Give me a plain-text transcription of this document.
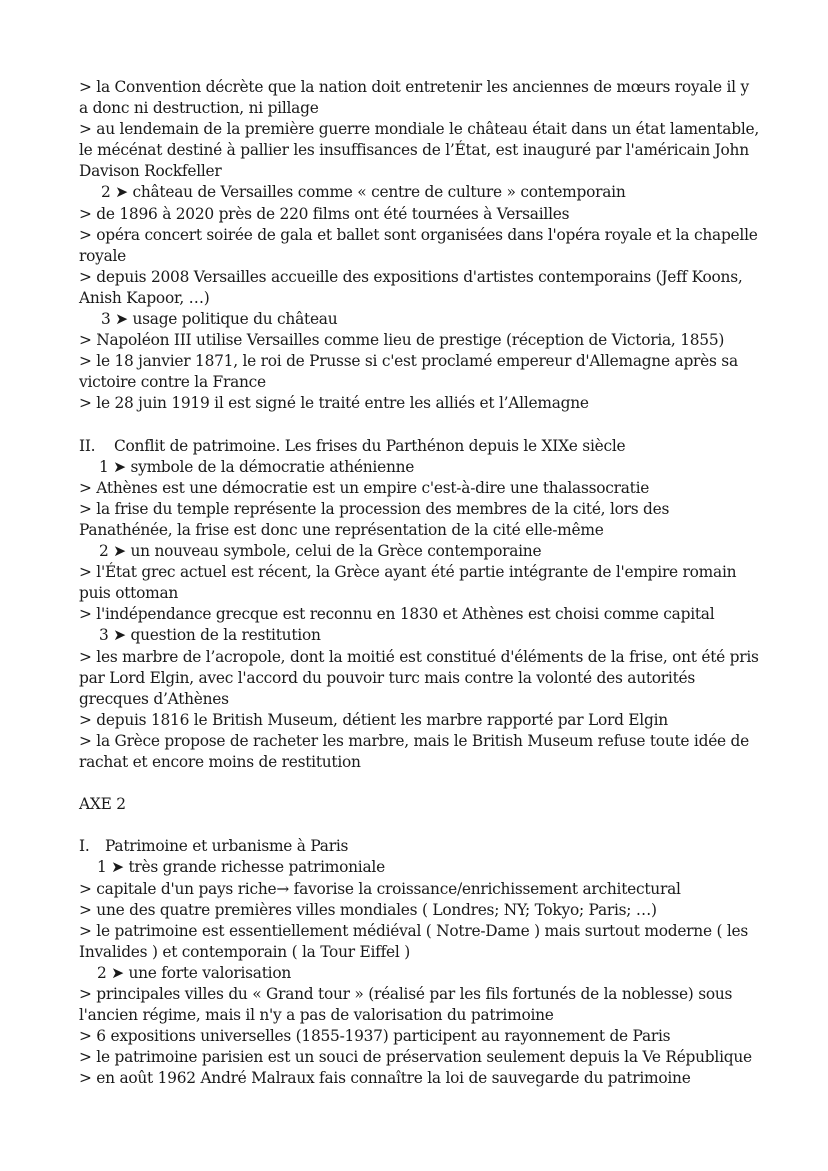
> la Convention décrète que la nation doit entretenir les anciennes de mœurs royale il y
a donc ni destruction, ni pillage
> au lendemain de la première guerre mondiale le château était dans un état lamentable,
le mécénat destiné à pallier les insuffisances de l’État, est inauguré par l'américain John
Davison Rockfeller
2 ➤ château de Versailles comme « centre de culture » contemporain
> de 1896 à 2020 près de 220 films ont été tournées à Versailles
> opéra concert soirée de gala et ballet sont organisées dans l'opéra royale et la chapelle
royale
> depuis 2008 Versailles accueille des expositions d'artistes contemporains (Jeff Koons,
Anish Kapoor, …)
3 ➤ usage politique du château
> Napoléon III utilise Versailles comme lieu de prestige (réception de Victoria, 1855)
> le 18 janvier 1871, le roi de Prusse si c'est proclamé empereur d'Allemagne après sa
victoire contre la France
> le 28 juin 1919 il est signé le traité entre les alliés et l’Allemagne
II. Conflit de patrimoine. Les frises du Parthénon depuis le XIXe siècle
1 ➤ symbole de la démocratie athénienne
> Athènes est une démocratie est un empire c'est-à-dire une thalassocratie
> la frise du temple représente la procession des membres de la cité, lors des
Panathénée, la frise est donc une représentation de la cité elle-même
2 ➤ un nouveau symbole, celui de la Grèce contemporaine
> l'État grec actuel est récent, la Grèce ayant été partie intégrante de l'empire romain
puis ottoman
> l'indépendance grecque est reconnu en 1830 et Athènes est choisi comme capital
3 ➤ question de la restitution
> les marbre de l’acropole, dont la moitié est constitué d'éléments de la frise, ont été pris
par Lord Elgin, avec l'accord du pouvoir turc mais contre la volonté des autorités
grecques d’Athènes
> depuis 1816 le British Museum, détient les marbre rapporté par Lord Elgin
> la Grèce propose de racheter les marbre, mais le British Museum refuse toute idée de
rachat et encore moins de restitution
AXE 2
I. Patrimoine et urbanisme à Paris
1 ➤ très grande richesse patrimoniale
> capitale d'un pays riche→ favorise la croissance/enrichissement architectural
> une des quatre premières villes mondiales ( Londres; NY; Tokyo; Paris; …)
> le patrimoine est essentiellement médiéval ( Notre-Dame ) mais surtout moderne ( les
Invalides ) et contemporain ( la Tour Eiffel )
2 ➤ une forte valorisation
> principales villes du « Grand tour » (réalisé par les fils fortunés de la noblesse) sous
l'ancien régime, mais il n'y a pas de valorisation du patrimoine
> 6 expositions universelles (1855-1937) participent au rayonnement de Paris
> le patrimoine parisien est un souci de préservation seulement depuis la Ve République
> en août 1962 André Malraux fais connaître la loi de sauvegarde du patrimoine
